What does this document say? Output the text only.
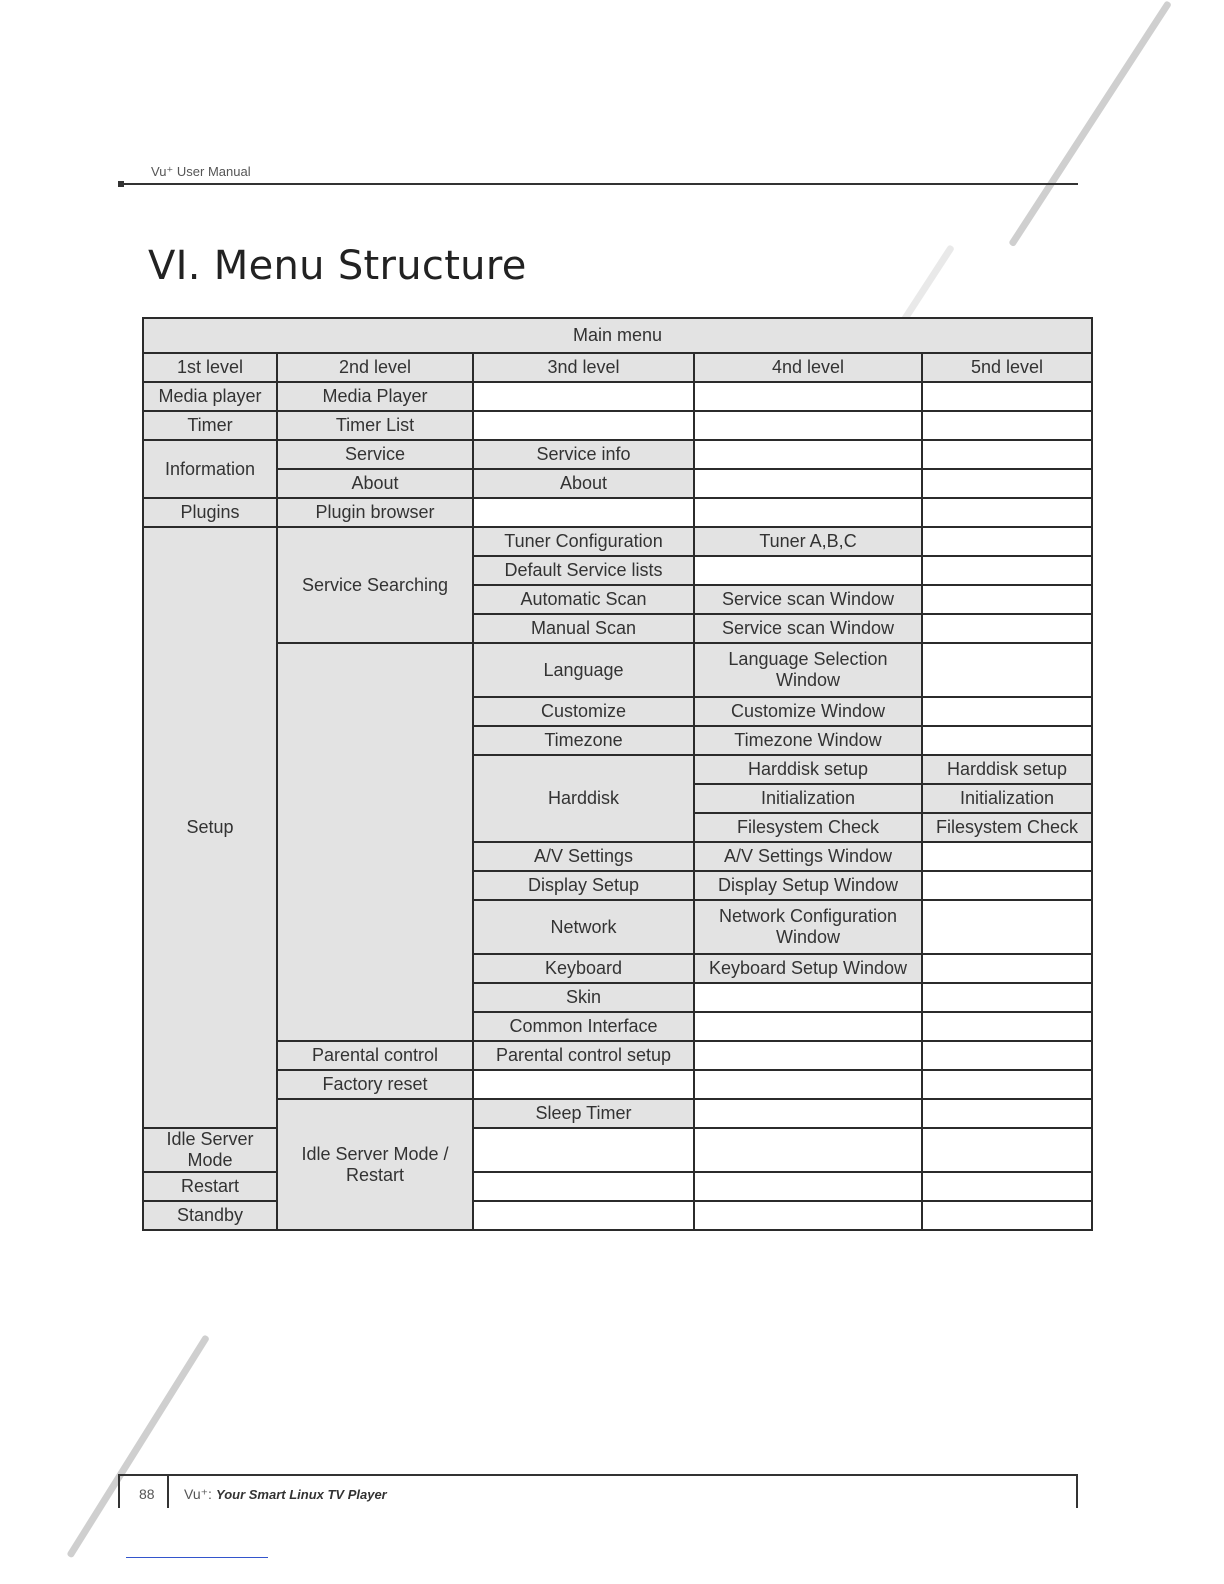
Vu⁺ User Manual
VI. Menu Structure
Main menu					
1st level	2nd level	3nd level	4nd level	5nd level	
Media player	Media Player				
Timer	Timer List				
Information	Service	Service info			
	About	About			
Plugins	Plugin browser				
Setup	Service Searching	Tuner Configuration	Tuner A,B,C		
		Default Service lists			
		Automatic Scan	Service scan Window		
		Manual Scan	Service scan Window		
		Language	Language Selection Window		
		Customize	Customize Window		
		Timezone	Timezone Window		
		Harddisk	Harddisk setup	Harddisk setup	
			Initialization	Initialization	
			Filesystem Check	Filesystem Check	
		A/V Settings	A/V Settings Window		
		Display Setup	Display Setup Window		
		Network	Network Configuration Window		
		Keyboard	Keyboard Setup Window		
		Skin			
		Common Interface			
	Parental control	Parental control setup			
	Factory reset				
	Idle Server Mode / Restart	Sleep Timer			
Idle Server Mode					
Restart					
Standby					
88 Vu⁺: Your Smart Linux TV Player
